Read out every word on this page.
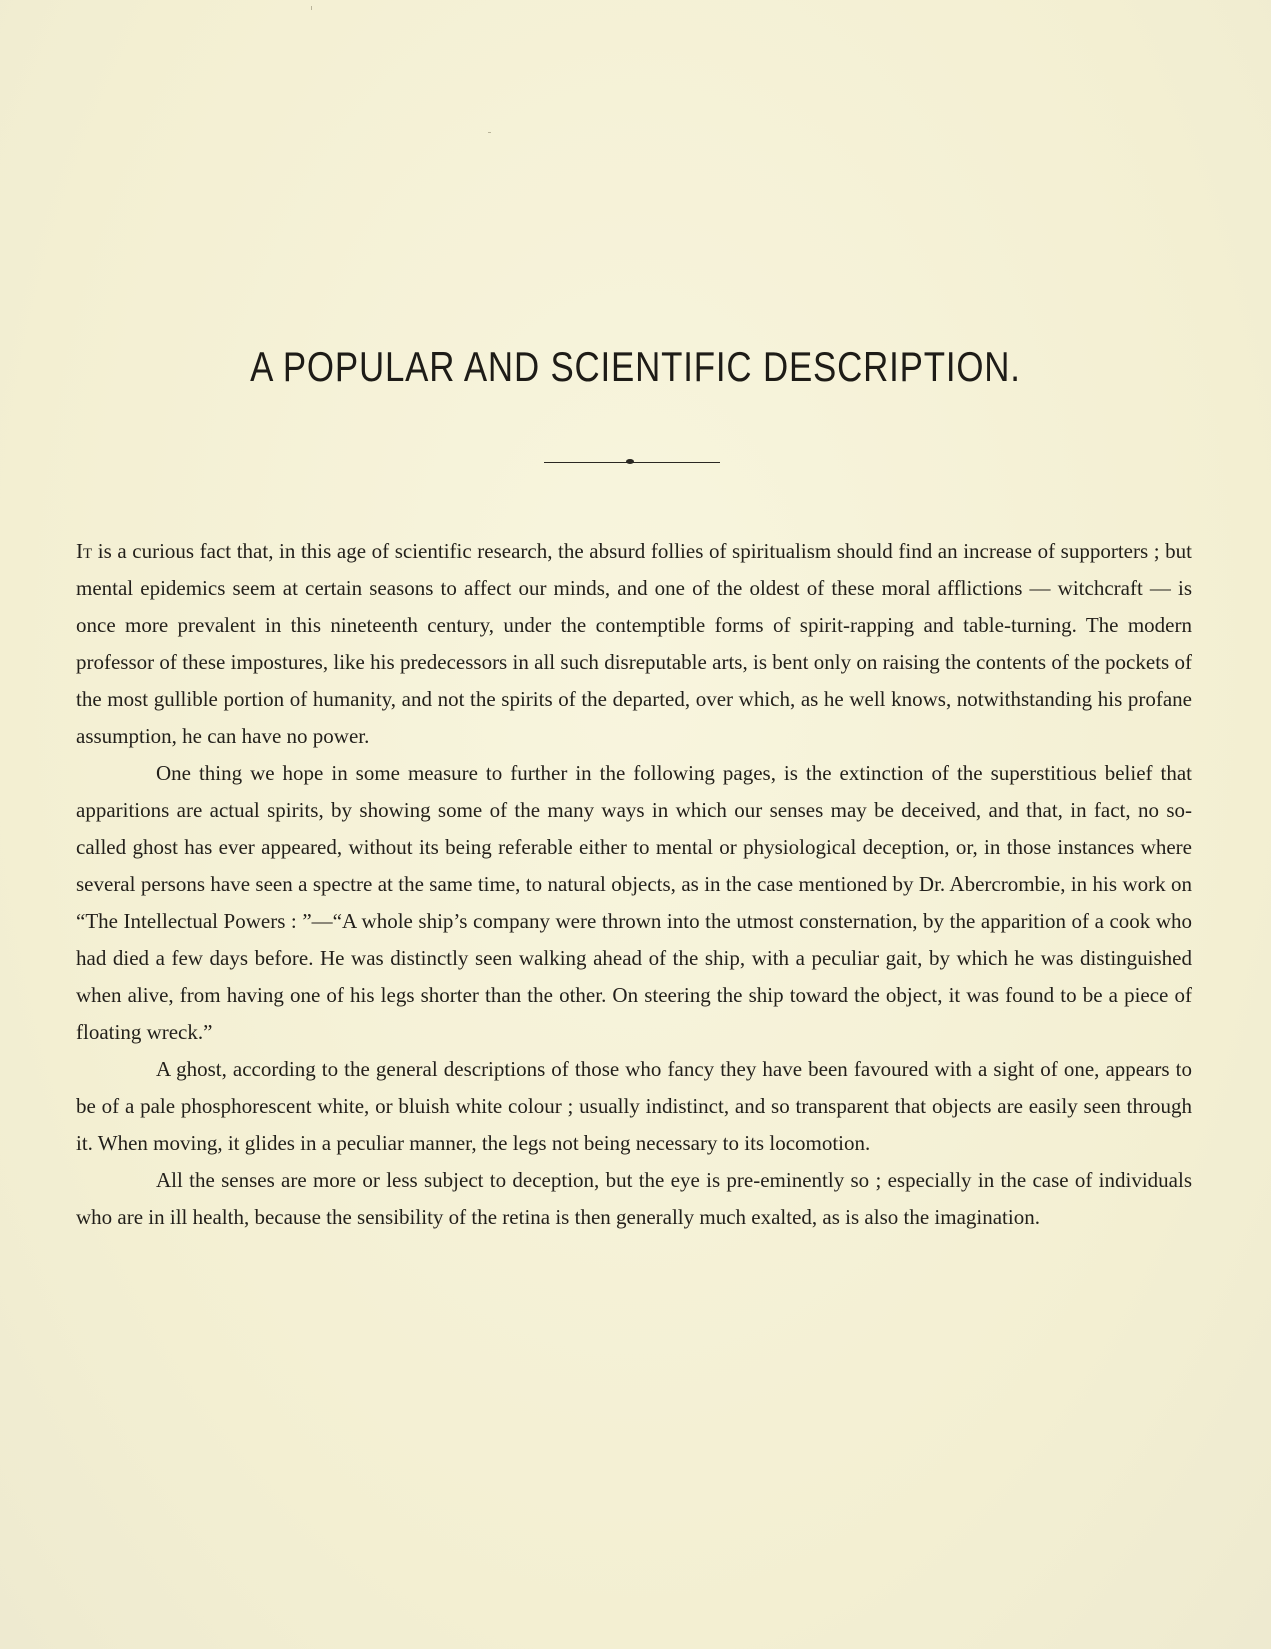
A POPULAR AND SCIENTIFIC DESCRIPTION.

It is a curious fact that, in this age of scientific research, the absurd follies of spiritualism should find an increase of supporters ; but mental epidemics seem at certain seasons to affect our minds, and one of the oldest of these moral afflictions — witchcraft — is once more prevalent in this nineteenth century, under the contemptible forms of spirit-rapping and table-turning. The modern professor of these impostures, like his predecessors in all such disreputable arts, is bent only on raising the contents of the pockets of the most gullible portion of humanity, and not the spirits of the departed, over which, as he well knows, notwithstanding his profane assumption, he can have no power.

One thing we hope in some measure to further in the following pages, is the extinction of the superstitious belief that apparitions are actual spirits, by showing some of the many ways in which our senses may be deceived, and that, in fact, no so-called ghost has ever appeared, without its being referable either to mental or physiological deception, or, in those instances where several persons have seen a spectre at the same time, to natural objects, as in the case mentioned by Dr. Abercrombie, in his work on “The Intellectual Powers : ”—“A whole ship’s company were thrown into the utmost consternation, by the apparition of a cook who had died a few days before. He was distinctly seen walking ahead of the ship, with a peculiar gait, by which he was distinguished when alive, from having one of his legs shorter than the other. On steering the ship toward the object, it was found to be a piece of floating wreck.”

A ghost, according to the general descriptions of those who fancy they have been favoured with a sight of one, appears to be of a pale phosphorescent white, or bluish white colour ; usually indistinct, and so transparent that objects are easily seen through it. When moving, it glides in a peculiar manner, the legs not being necessary to its locomotion.

All the senses are more or less subject to deception, but the eye is pre-eminently so ; especially in the case of individuals who are in ill health, because the sensibility of the retina is then generally much exalted, as is also the imagination.
